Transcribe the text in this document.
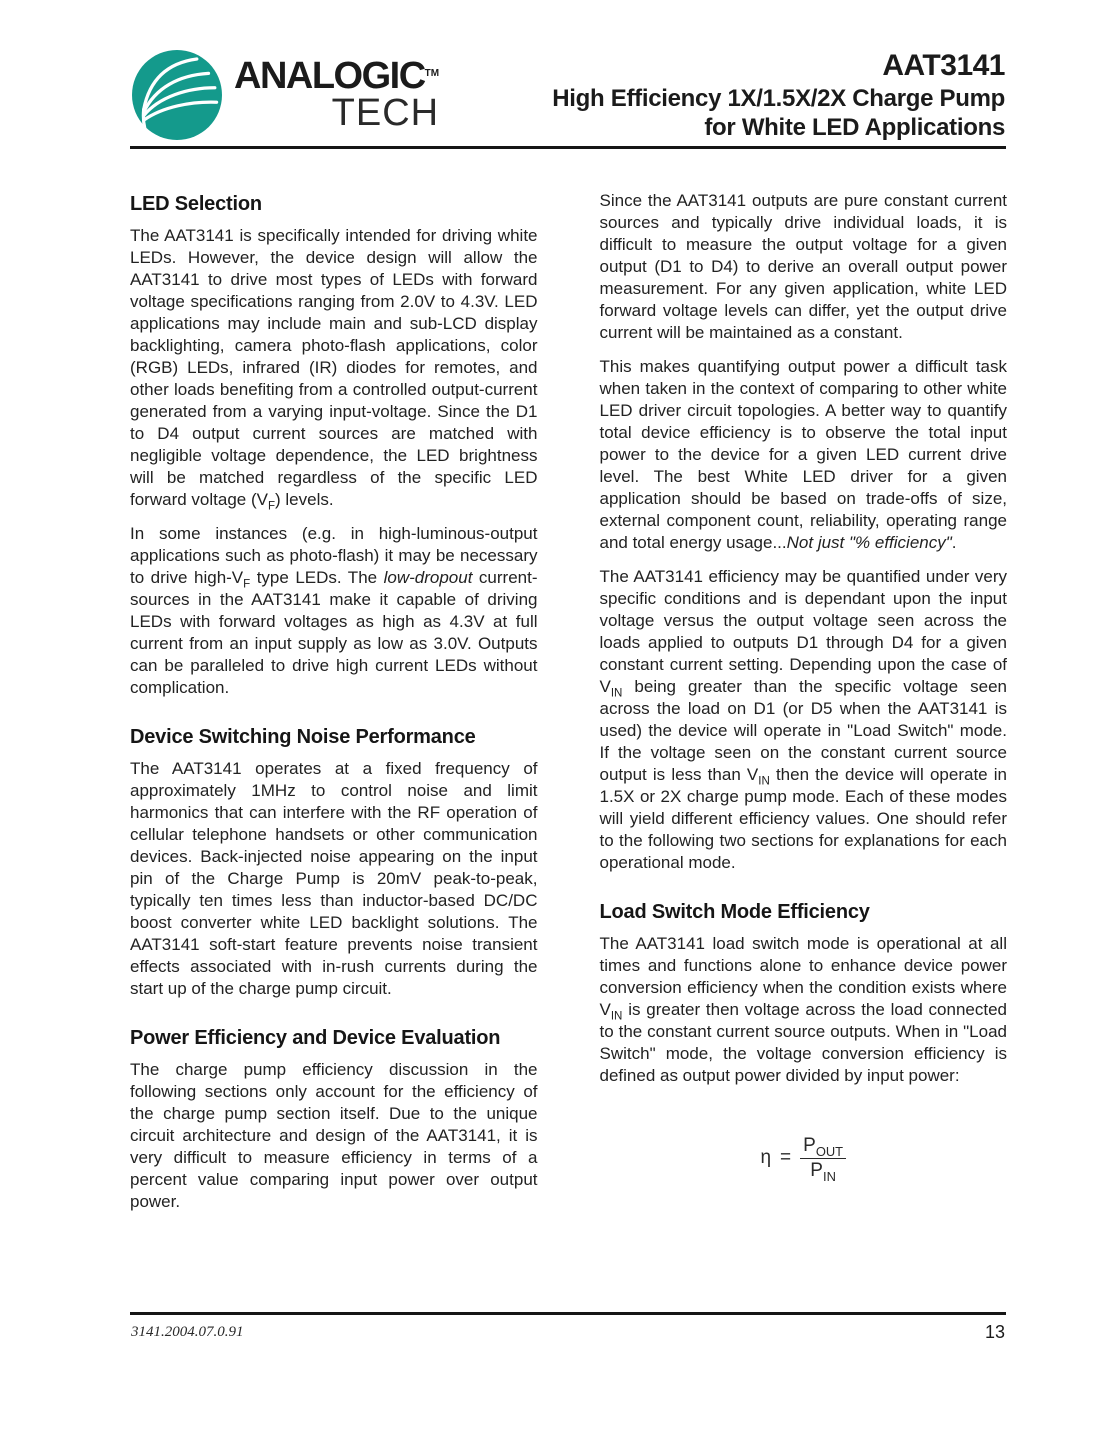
ANALOGIC™
TECH
AAT3141
High Efficiency 1X/1.5X/2X Charge Pump
for White LED Applications
LED Selection

The AAT3141 is specifically intended for driving white LEDs. However, the device design will allow the AAT3141 to drive most types of LEDs with forward voltage specifications ranging from 2.0V to 4.3V. LED applications may include main and sub-LCD display backlighting, camera photo-flash applications, color (RGB) LEDs, infrared (IR) diodes for remotes, and other loads benefiting from a controlled output-current generated from a varying input-voltage. Since the D1 to D4 output current sources are matched with negligible voltage dependence, the LED brightness will be matched regardless of the specific LED forward voltage $(V_F)$ levels.

In some instances (e.g. in high-luminous-output applications such as photo-flash) it may be necessary to drive high-$V_F$ type LEDs. The low-dropout current-sources in the AAT3141 make it capable of driving LEDs with forward voltages as high as 4.3V at full current from an input supply as low as 3.0V. Outputs can be paralleled to drive high current LEDs without complication.

Device Switching Noise Performance

The AAT3141 operates at a fixed frequency of approximately 1MHz to control noise and limit harmonics that can interfere with the RF operation of cellular telephone handsets or other communication devices. Back-injected noise appearing on the input pin of the Charge Pump is 20mV peak-to-peak, typically ten times less than inductor-based DC/DC boost converter white LED backlight solutions. The AAT3141 soft-start feature prevents noise transient effects associated with in-rush currents during the start up of the charge pump circuit.

Power Efficiency and Device Evaluation

The charge pump efficiency discussion in the following sections only account for the efficiency of the charge pump section itself. Due to the unique circuit architecture and design of the AAT3141, it is very difficult to measure efficiency in terms of a percent value comparing input power over output power.

Since the AAT3141 outputs are pure constant current sources and typically drive individual loads, it is difficult to measure the output voltage for a given output (D1 to D4) to derive an overall output power measurement. For any given application, white LED forward voltage levels can differ, yet the output drive current will be maintained as a constant.

This makes quantifying output power a difficult task when taken in the context of comparing to other white LED driver circuit topologies. A better way to quantify total device efficiency is to observe the total input power to the device for a given LED current drive level. The best White LED driver for a given application should be based on trade-offs of size, external component count, reliability, operating range and total energy usage...Not just "% efficiency".

The AAT3141 efficiency may be quantified under very specific conditions and is dependant upon the input voltage versus the output voltage seen across the loads applied to outputs D1 through D4 for a given constant current setting. Depending upon the case of $V_{IN}$ being greater than the specific voltage seen across the load on D1 (or D5 when the AAT3141 is used) the device will operate in "Load Switch" mode. If the voltage seen on the constant current source output is less than $V_{IN}$ then the device will operate in 1.5X or 2X charge pump mode. Each of these modes will yield different efficiency values. One should refer to the following two sections for explanations for each operational mode.

Load Switch Mode Efficiency

The AAT3141 load switch mode is operational at all times and functions alone to enhance device power conversion efficiency when the condition exists where $V_{IN}$ is greater then voltage across the load connected to the constant current source outputs. When in "Load Switch" mode, the voltage conversion efficiency is defined as output power divided by input power:

$\eta = \frac{P_{OUT}}{P_{IN}}$
3141.2004.07.0.91	13
